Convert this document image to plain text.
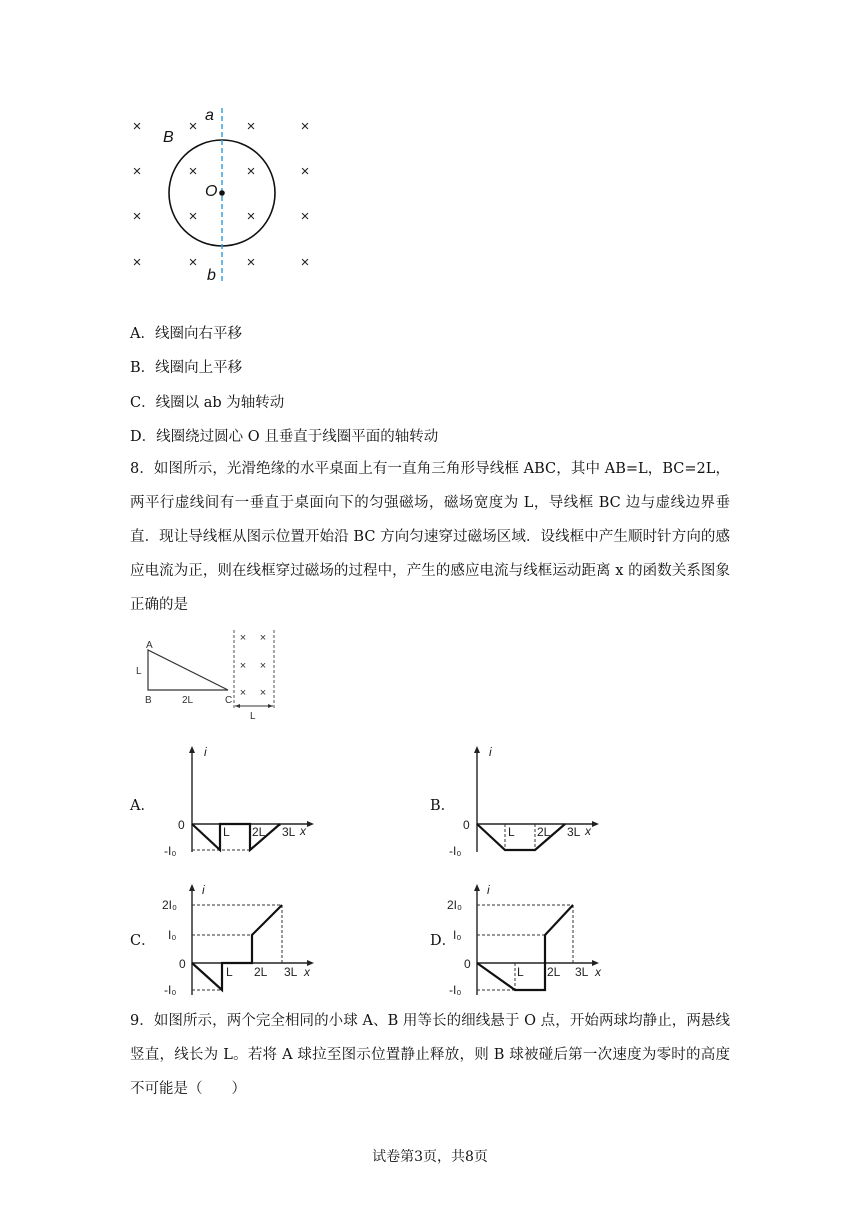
×	×	×	×
×	×	×	×
×	×	×	×
×	×	×	×
a
b
B
O
A．线圈向右平移
B．线圈向上平移
C．线圈以 ab 为轴转动
D．线圈绕过圆心 O 且垂直于线圈平面的轴转动
8．如图所示，光滑绝缘的水平桌面上有一直角三角形导线框 ABC，其中 AB=L，BC=2L，两平行虚线间有一垂直于桌面向下的匀强磁场，磁场宽度为 L，导线框 BC 边与虚线边界垂直．现让导线框从图示位置开始沿 BC 方向匀速穿过磁场区域．设线框中产生顺时针方向的感应电流为正，则在线框穿过磁场的过程中，产生的感应电流与线框运动距离 x 的函数关系图象正确的是
× ×
× ×
× ×
A
B	C
L
2L
L
A．
i
x
0	L 2L 3L
-I₀
B．
i
x
0	L 2L 3L
-I₀
C．
i
x
0
L 2L 3L
-I₀
I₀
2I₀
D．
i
x
0
L 2L 3L
-I₀
I₀
2I₀
9．如图所示，两个完全相同的小球 A、B 用等长的细线悬于 O 点，开始两球均静止，两悬线竖直，线长为 L。若将 A 球拉至图示位置静止释放，则 B 球被碰后第一次速度为零时的高度不可能是（　　）
试卷第3页，共8页
